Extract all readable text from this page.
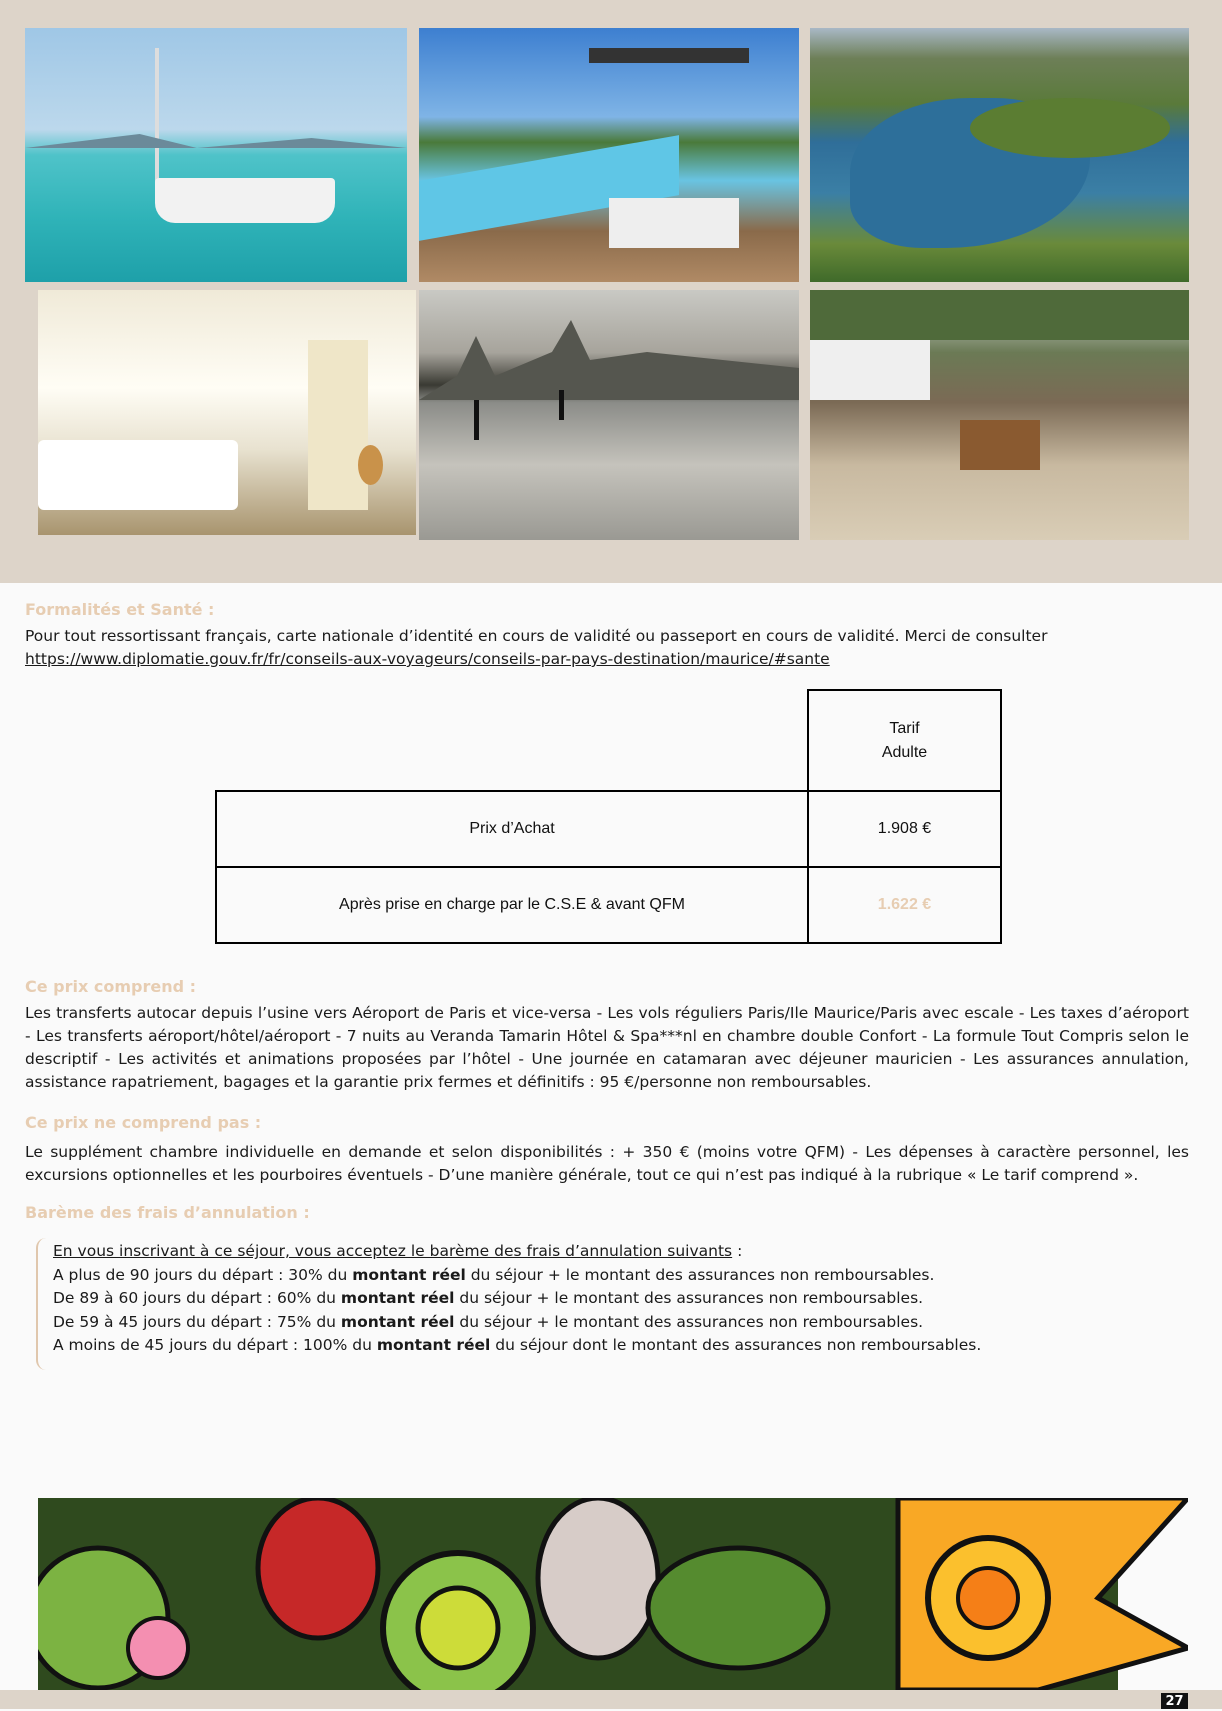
Formalités et Santé :

Pour tout ressortissant français, carte nationale d’identité en cours de validité ou passeport en cours de validité. Merci de consulter
https://www.diplomatie.gouv.fr/fr/conseils-aux-voyageurs/conseils-par-pays-destination/maurice/#sante

Tarif Adulte
Prix d’Achat	1.908 €
Après prise en charge par le C.S.E & avant QFM	1.622 €
Ce prix comprend :

Les transferts autocar depuis l’usine vers Aéroport de Paris et vice-versa - Les vols réguliers Paris/Ile Maurice/Paris avec escale - Les taxes d’aéroport - Les transferts aéroport/hôtel/aéroport - 7 nuits au Veranda Tamarin Hôtel & Spa***nl en chambre double Confort - La formule Tout Compris selon le descriptif - Les activités et animations proposées par l’hôtel - Une journée en catamaran avec déjeuner mauricien - Les assurances annulation, assistance rapatriement, bagages et la garantie prix fermes et définitifs : 95 €/personne non remboursables.

Ce prix ne comprend pas :

Le supplément chambre individuelle en demande et selon disponibilités : + 350 € (moins votre QFM) - Les dépenses à caractère personnel, les excursions optionnelles et les pourboires éventuels - D’une manière générale, tout ce qui n’est pas indiqué à la rubrique « Le tarif comprend ».

Barème des frais d’annulation :
En vous inscrivant à ce séjour, vous acceptez le barème des frais d’annulation suivants :
A plus de 90 jours du départ : 30% du montant réel du séjour + le montant des assurances non remboursables.
De 89 à 60 jours du départ : 60% du montant réel du séjour + le montant des assurances non remboursables.
De 59 à 45 jours du départ : 75% du montant réel du séjour + le montant des assurances non remboursables.
A moins de 45 jours du départ : 100% du montant réel du séjour dont le montant des assurances non remboursables.
27
